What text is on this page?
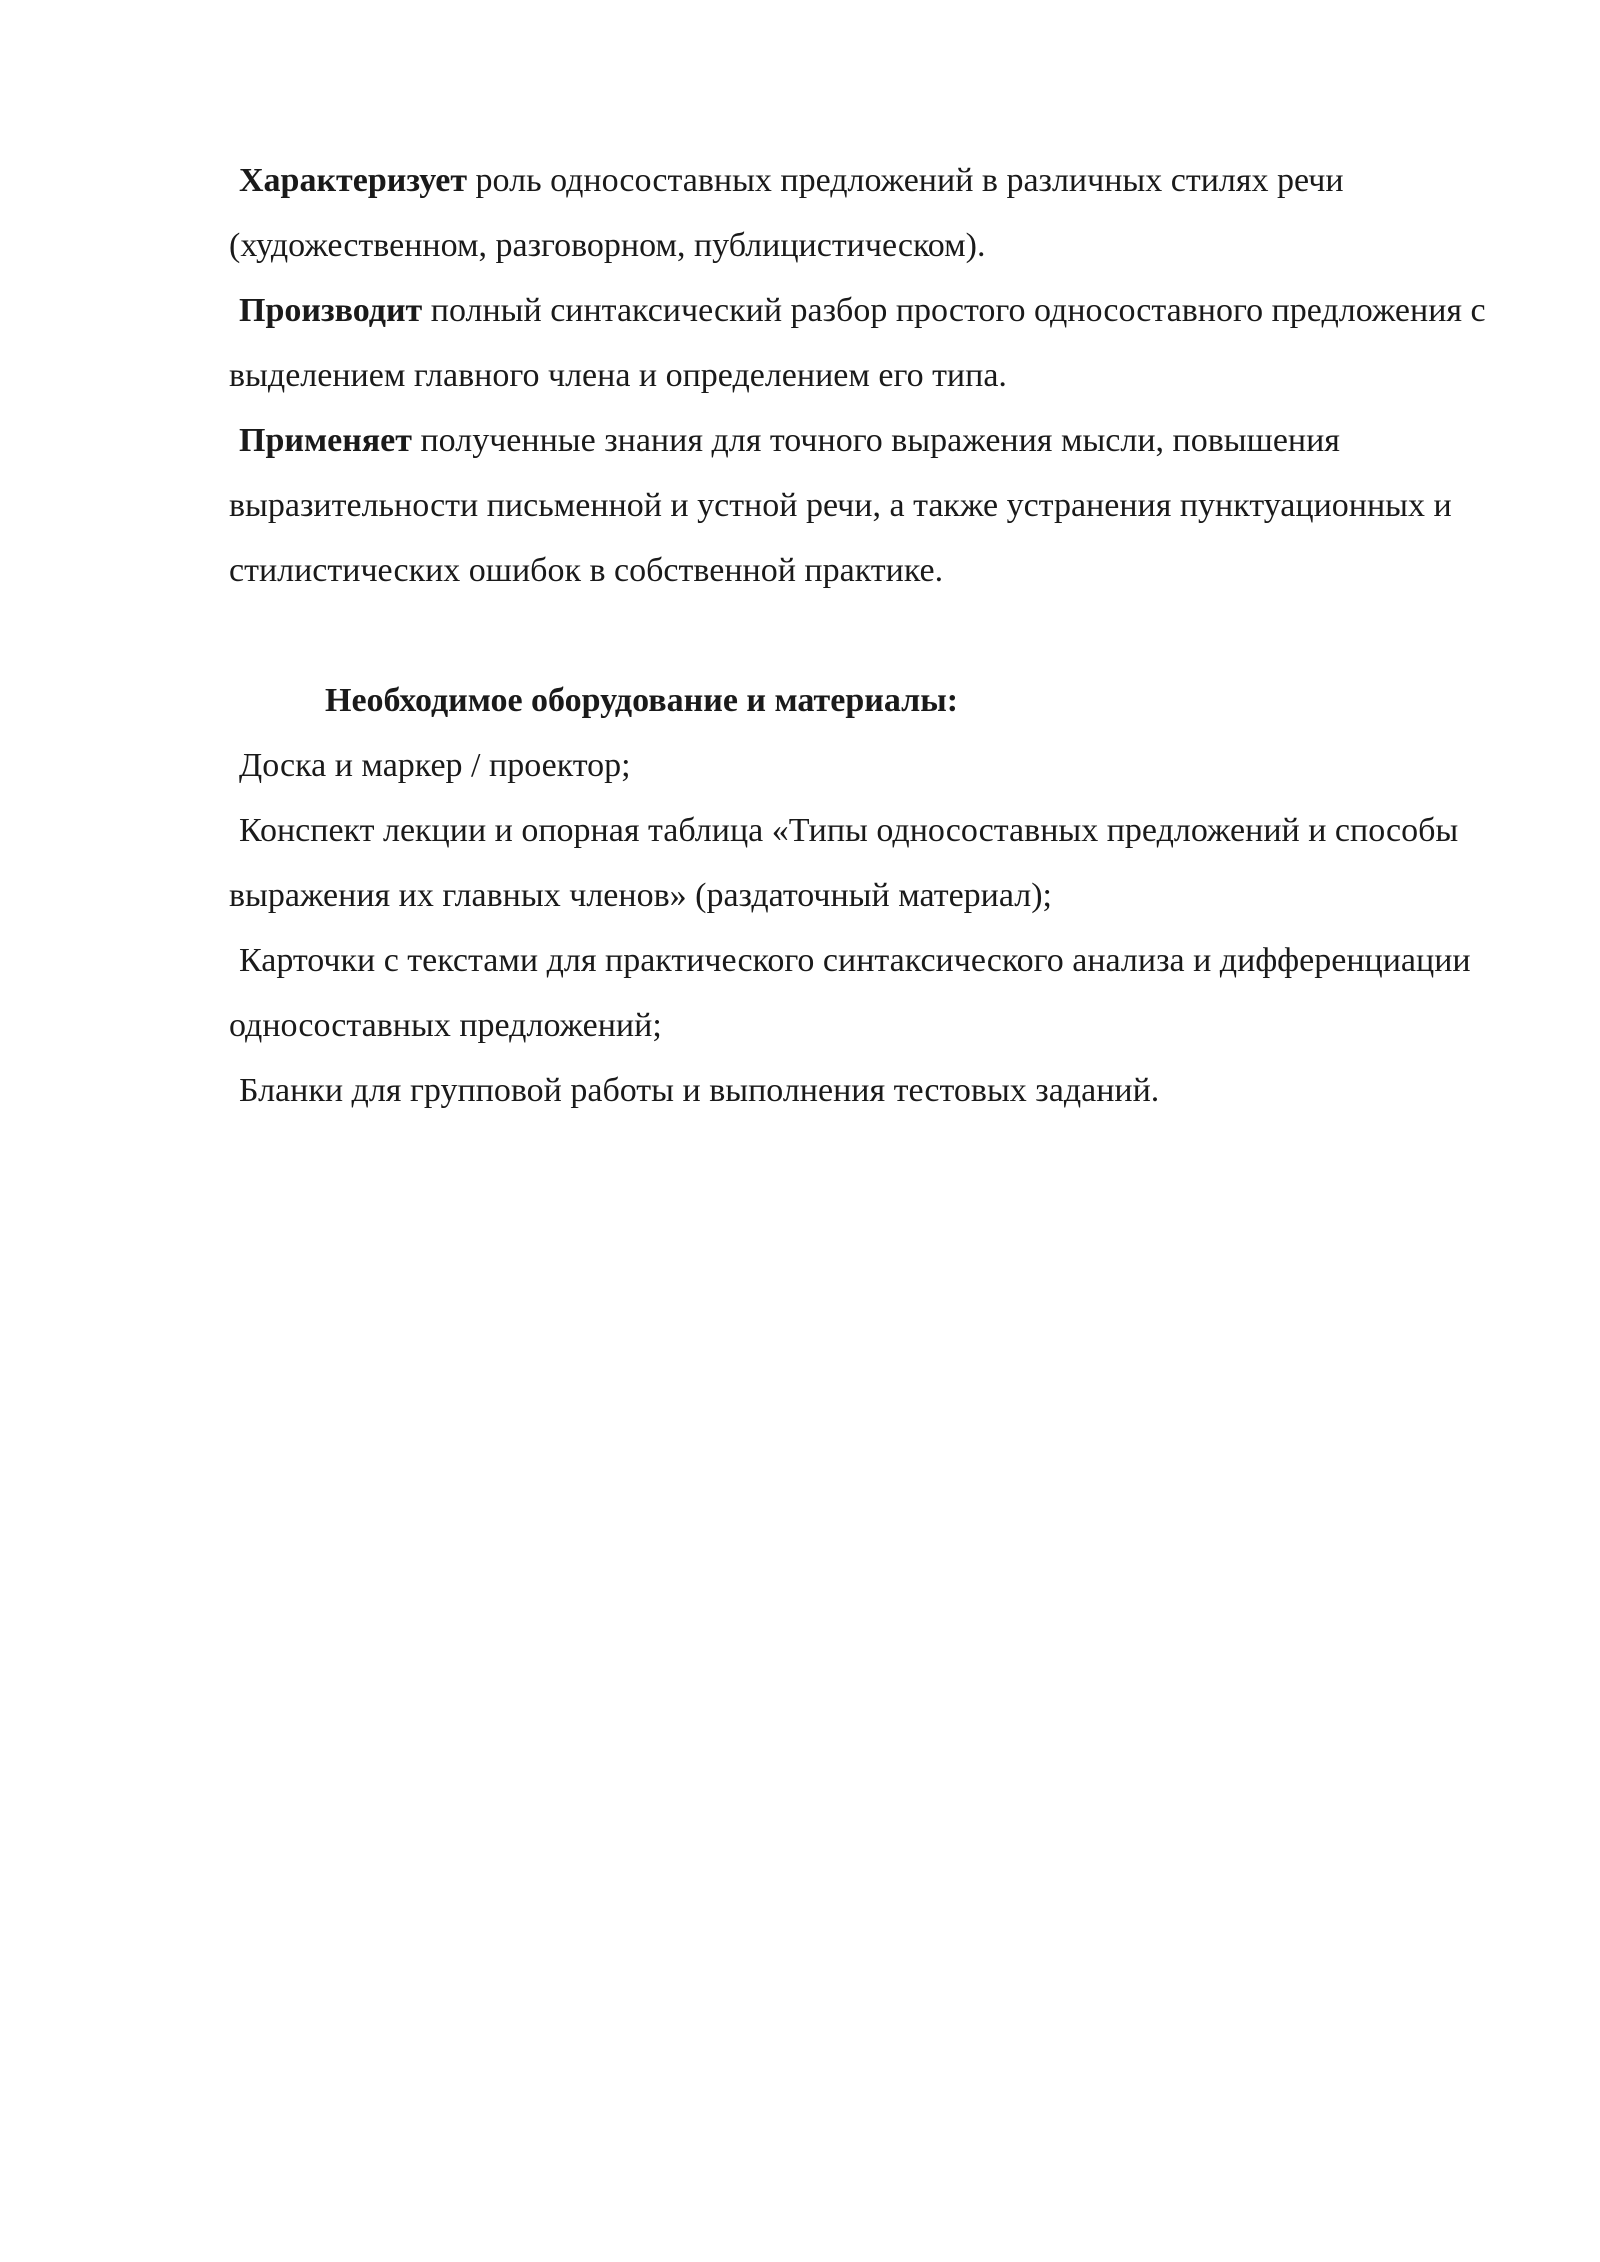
Характеризует роль односоставных предложений в различных стилях речи (художественном, разговорном, публицистическом).

Производит полный синтаксический разбор простого односоставного предложения с выделением главного члена и определением его типа.

Применяет полученные знания для точного выражения мысли, повышения выразительности письменной и устной речи, а также устранения пунктуационных и стилистических ошибок в собственной практике.

Необходимое оборудование и материалы:

Доска и маркер / проектор;

Конспект лекции и опорная таблица «Типы односоставных предложений и способы выражения их главных членов» (раздаточный материал);

Карточки с текстами для практического синтаксического анализа и дифференциации односоставных предложений;

Бланки для групповой работы и выполнения тестовых заданий.
